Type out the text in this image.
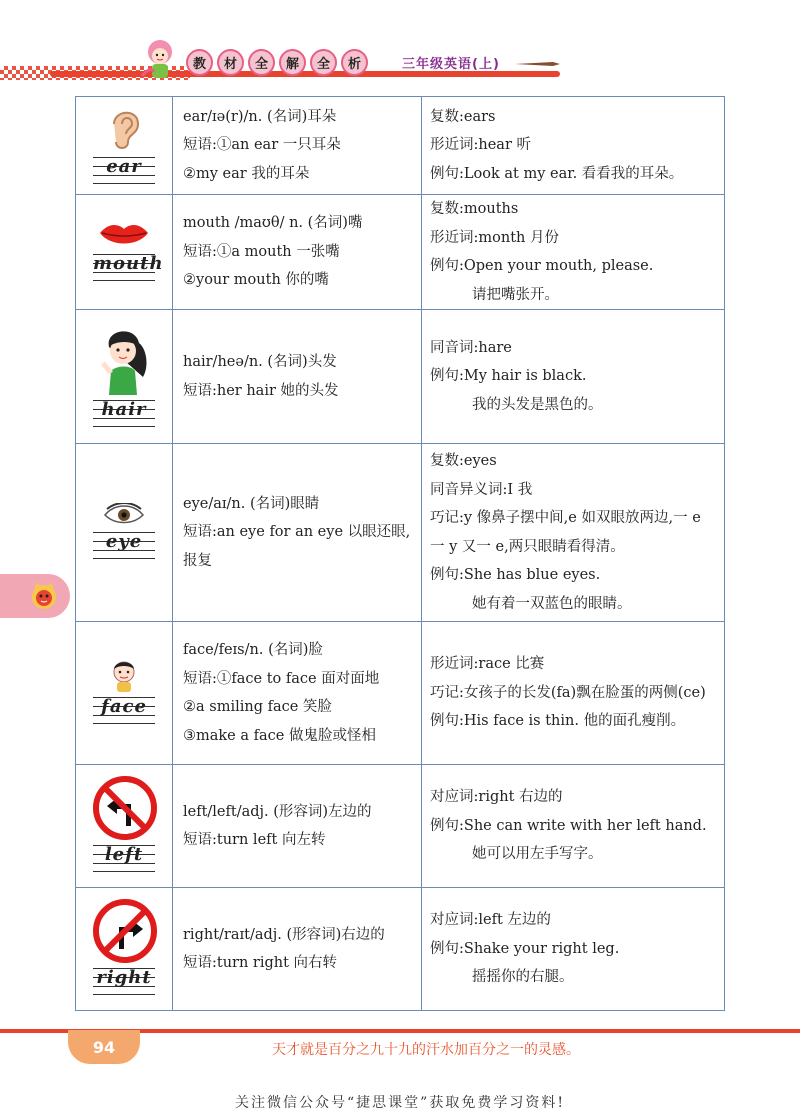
教	材	全	解	全	析	三年级英语(上)
ear	ear/ɪə(r)/n. (名词)耳朵
短语:①an ear 一只耳朵
②my ear 我的耳朵	复数:ears
形近词:hear 听
例句:Look at my ear. 看看我的耳朵。

mouth	mouth /maʊθ/ n. (名词)嘴
短语:①a mouth 一张嘴
②your mouth 你的嘴	复数:mouths
形近词:month 月份
例句:Open your mouth, please.
请把嘴张开。

hair	hair/heə/n. (名词)头发
短语:her hair 她的头发	同音词:hare
例句:My hair is black.
我的头发是黑色的。

eye	eye/aɪ/n. (名词)眼睛
短语:an eye for an eye 以眼还眼,报复	复数:eyes
同音异义词:I 我
巧记:y 像鼻子摆中间,e 如双眼放两边,一 e 一 y 又一 e,两只眼睛看得清。
例句:She has blue eyes.
她有着一双蓝色的眼睛。

face	face/feɪs/n. (名词)脸
短语:①face to face 面对面地
②a smiling face 笑脸
③make a face 做鬼脸或怪相	形近词:race 比赛
巧记:女孩子的长发(fa)飘在脸蛋的两侧(ce)
例句:His face is thin. 他的面孔瘦削。

left	left/left/adj. (形容词)左边的
短语:turn left 向左转	对应词:right 右边的
例句:She can write with her left hand.
她可以用左手写字。

right	right/raɪt/adj. (形容词)右边的
短语:turn right 向右转	对应词:left 左边的
例句:Shake your right leg.
摇摇你的右腿。
94	天才就是百分之九十九的汗水加百分之一的灵感。
关注微信公众号“捷思课堂”获取免费学习资料!
